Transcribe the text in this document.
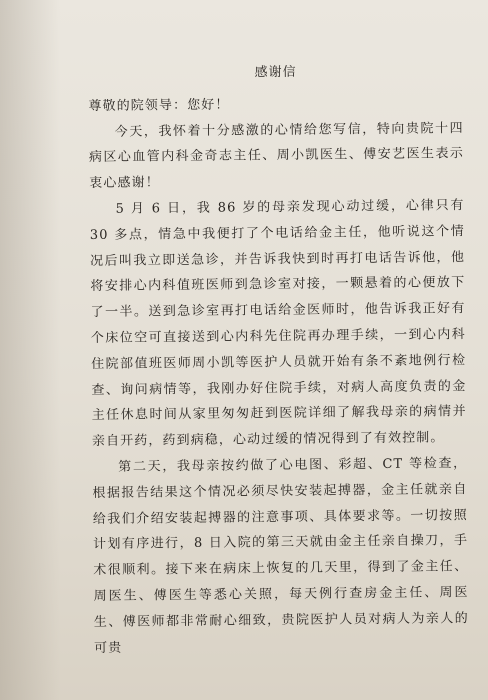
感谢信
尊敬的院领导：您好！

今天，我怀着十分感激的心情给您写信，特向贵院十四病区心血管内科金奇志主任、周小凯医生、傅安艺医生表示衷心感谢！

5 月 6 日，我 86 岁的母亲发现心动过缓，心律只有 30 多点，情急中我便打了个电话给金主任，他听说这个情况后叫我立即送急诊，并告诉我快到时再打电话告诉他，他将安排心内科值班医师到急诊室对接，一颗悬着的心便放下了一半。送到急诊室再打电话给金医师时，他告诉我正好有个床位空可直接送到心内科先住院再办理手续，一到心内科住院部值班医师周小凯等医护人员就开始有条不紊地例行检查、询问病情等，我刚办好住院手续，对病人高度负责的金主任休息时间从家里匆匆赶到医院详细了解我母亲的病情并亲自开药，药到病稳，心动过缓的情况得到了有效控制。

第二天，我母亲按约做了心电图、彩超、CT 等检查，根据报告结果这个情况必须尽快安装起搏器，金主任就亲自给我们介绍安装起搏器的注意事项、具体要求等。一切按照计划有序进行，8 日入院的第三天就由金主任亲自操刀，手术很顺利。接下来在病床上恢复的几天里，得到了金主任、周医生、傅医生等悉心关照，每天例行查房金主任、周医生、傅医师都非常耐心细致，贵院医护人员对病人为亲人的可贵
